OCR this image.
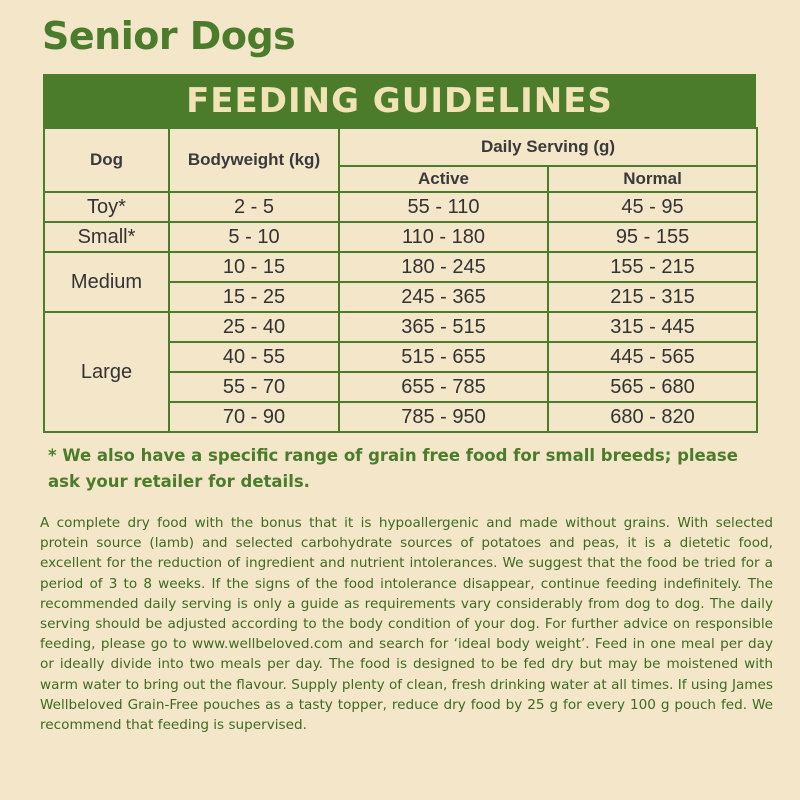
Senior Dogs
FEEDING GUIDELINES
Dog	Bodyweight (kg)	Daily Serving (g)	
		Active	Normal
Toy*	2 - 5	55 - 110	45 - 95
Small*	5 - 10	110 - 180	95 - 155
Medium	10 - 15	180 - 245	155 - 215
	15 - 25	245 - 365	215 - 315
Large	25 - 40	365 - 515	315 - 445
	40 - 55	515 - 655	445 - 565
	55 - 70	655 - 785	565 - 680
	70 - 90	785 - 950	680 - 820
* We also have a specific range of grain free food for small breeds; please ask your retailer for details.
A complete dry food with the bonus that it is hypoallergenic and made without grains. With selected protein source (lamb) and selected carbohydrate sources of potatoes and peas, it is a dietetic food, excellent for the reduction of ingredient and nutrient intolerances. We suggest that the food be tried for a period of 3 to 8 weeks. If the signs of the food intolerance disappear, continue feeding indefinitely. The recommended daily serving is only a guide as requirements vary considerably from dog to dog. The daily serving should be adjusted according to the body condition of your dog. For further advice on responsible feeding, please go to www.wellbeloved.com and search for ‘ideal body weight’. Feed in one meal per day or ideally divide into two meals per day. The food is designed to be fed dry but may be moistened with warm water to bring out the flavour. Supply plenty of clean, fresh drinking water at all times. If using James Wellbeloved Grain-Free pouches as a tasty topper, reduce dry food by 25 g for every 100 g pouch fed. We recommend that feeding is supervised.
